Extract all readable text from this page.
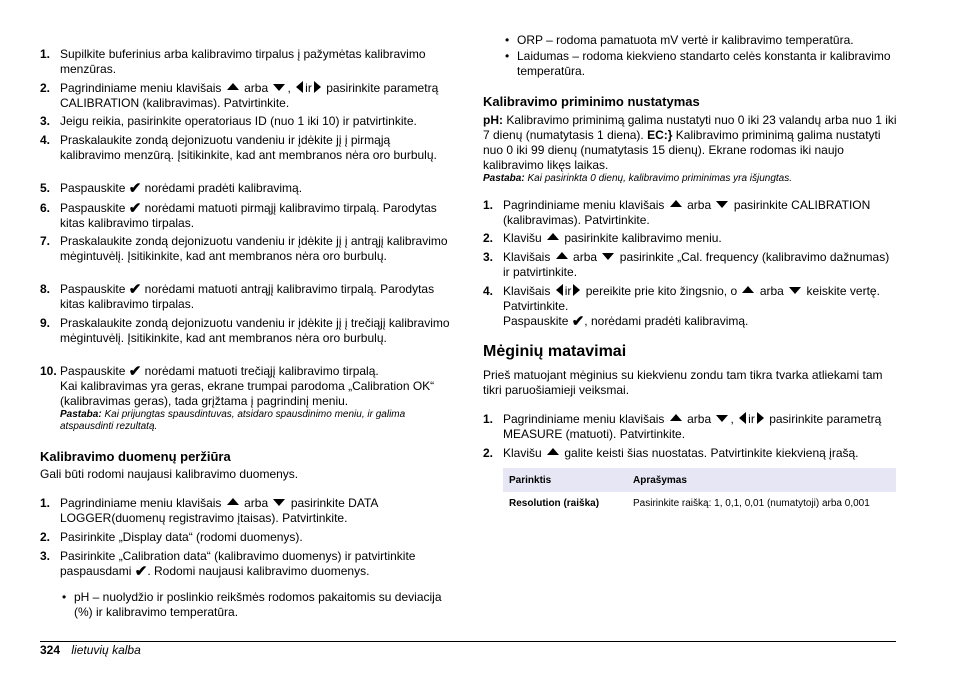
1. Supilkite buferinius arba kalibravimo tirpalus į pažymėtas kalibravimo menzūras.
2. Pagrindiniame meniu klavišais arba , ir pasirinkite parametrą CALIBRATION (kalibravimas). Patvirtinkite.
3. Jeigu reikia, pasirinkite operatoriaus ID (nuo 1 iki 10) ir patvirtinkite.
4. Praskalaukite zondą dejonizuotu vandeniu ir įdėkite jį į pirmąją kalibravimo menzūrą. Įsitikinkite, kad ant membranos nėra oro burbulų.
5. Paspauskite ✔ norėdami pradėti kalibravimą.
6. Paspauskite ✔ norėdami matuoti pirmąjį kalibravimo tirpalą. Parodytas kitas kalibravimo tirpalas.
7. Praskalaukite zondą dejonizuotu vandeniu ir įdėkite jį į antrąjį kalibravimo mėgintuvėlį. Įsitikinkite, kad ant membranos nėra oro burbulų.
8. Paspauskite ✔ norėdami matuoti antrąjį kalibravimo tirpalą. Parodytas kitas kalibravimo tirpalas.
9. Praskalaukite zondą dejonizuotu vandeniu ir įdėkite jį į trečiąjį kalibravimo mėgintuvėlį. Įsitikinkite, kad ant membranos nėra oro burbulų.
10. Paspauskite ✔ norėdami matuoti trečiąjį kalibravimo tirpalą.
Kai kalibravimas yra geras, ekrane trumpai parodoma „Calibration OK“ (kalibravimas geras), tada grįžtama į pagrindinį meniu.
Pastaba: Kai prijungtas spausdintuvas, atsidaro spausdinimo meniu, ir galima atspausdinti rezultatą.
Kalibravimo duomenų peržiūra
Gali būti rodomi naujausi kalibravimo duomenys.
1. Pagrindiniame meniu klavišais arba pasirinkite DATA LOGGER(duomenų registravimo įtaisas). Patvirtinkite.
2. Pasirinkite „Display data“ (rodomi duomenys).
3. Pasirinkite „Calibration data“ (kalibravimo duomenys) ir patvirtinkite paspausdami ✔. Rodomi naujausi kalibravimo duomenys.
• pH – nuolydžio ir poslinkio reikšmės rodomos pakaitomis su deviacija (%) ir kalibravimo temperatūra.
• ORP – rodoma pamatuota mV vertė ir kalibravimo temperatūra.
• Laidumas – rodoma kiekvieno standarto celės konstanta ir kalibravimo temperatūra.
Kalibravimo priminimo nustatymas
pH: Kalibravimo priminimą galima nustatyti nuo 0 iki 23 valandų arba nuo 1 iki 7 dienų (numatytasis 1 diena). EC:} Kalibravimo priminimą galima nustatyti nuo 0 iki 99 dienų (numatytasis 15 dienų). Ekrane rodomas iki naujo kalibravimo likęs laikas.
Pastaba: Kai pasirinkta 0 dienų, kalibravimo priminimas yra išjungtas.
1. Pagrindiniame meniu klavišais arba pasirinkite CALIBRATION (kalibravimas). Patvirtinkite.
2. Klavišu pasirinkite kalibravimo meniu.
3. Klavišais arba pasirinkite „Cal. frequency (kalibravimo dažnumas) ir patvirtinkite.
4. Klavišais ir pereikite prie kito žingsnio, o arba keiskite vertę. Patvirtinkite.
Paspauskite ✔, norėdami pradėti kalibravimą.
Mėginių matavimai
Prieš matuojant mėginius su kiekvienu zondu tam tikra tvarka atliekami tam tikri paruošiamieji veiksmai.
1. Pagrindiniame meniu klavišais arba , ir pasirinkite parametrą MEASURE (matuoti). Patvirtinkite.
2. Klavišu galite keisti šias nuostatas. Patvirtinkite kiekvieną įrašą.
Parinktis	Aprašymas
Resolution (raiška)	Pasirinkite raišką: 1, 0,1, 0,01 (numatytoji) arba 0,001
324 lietuvių kalba
